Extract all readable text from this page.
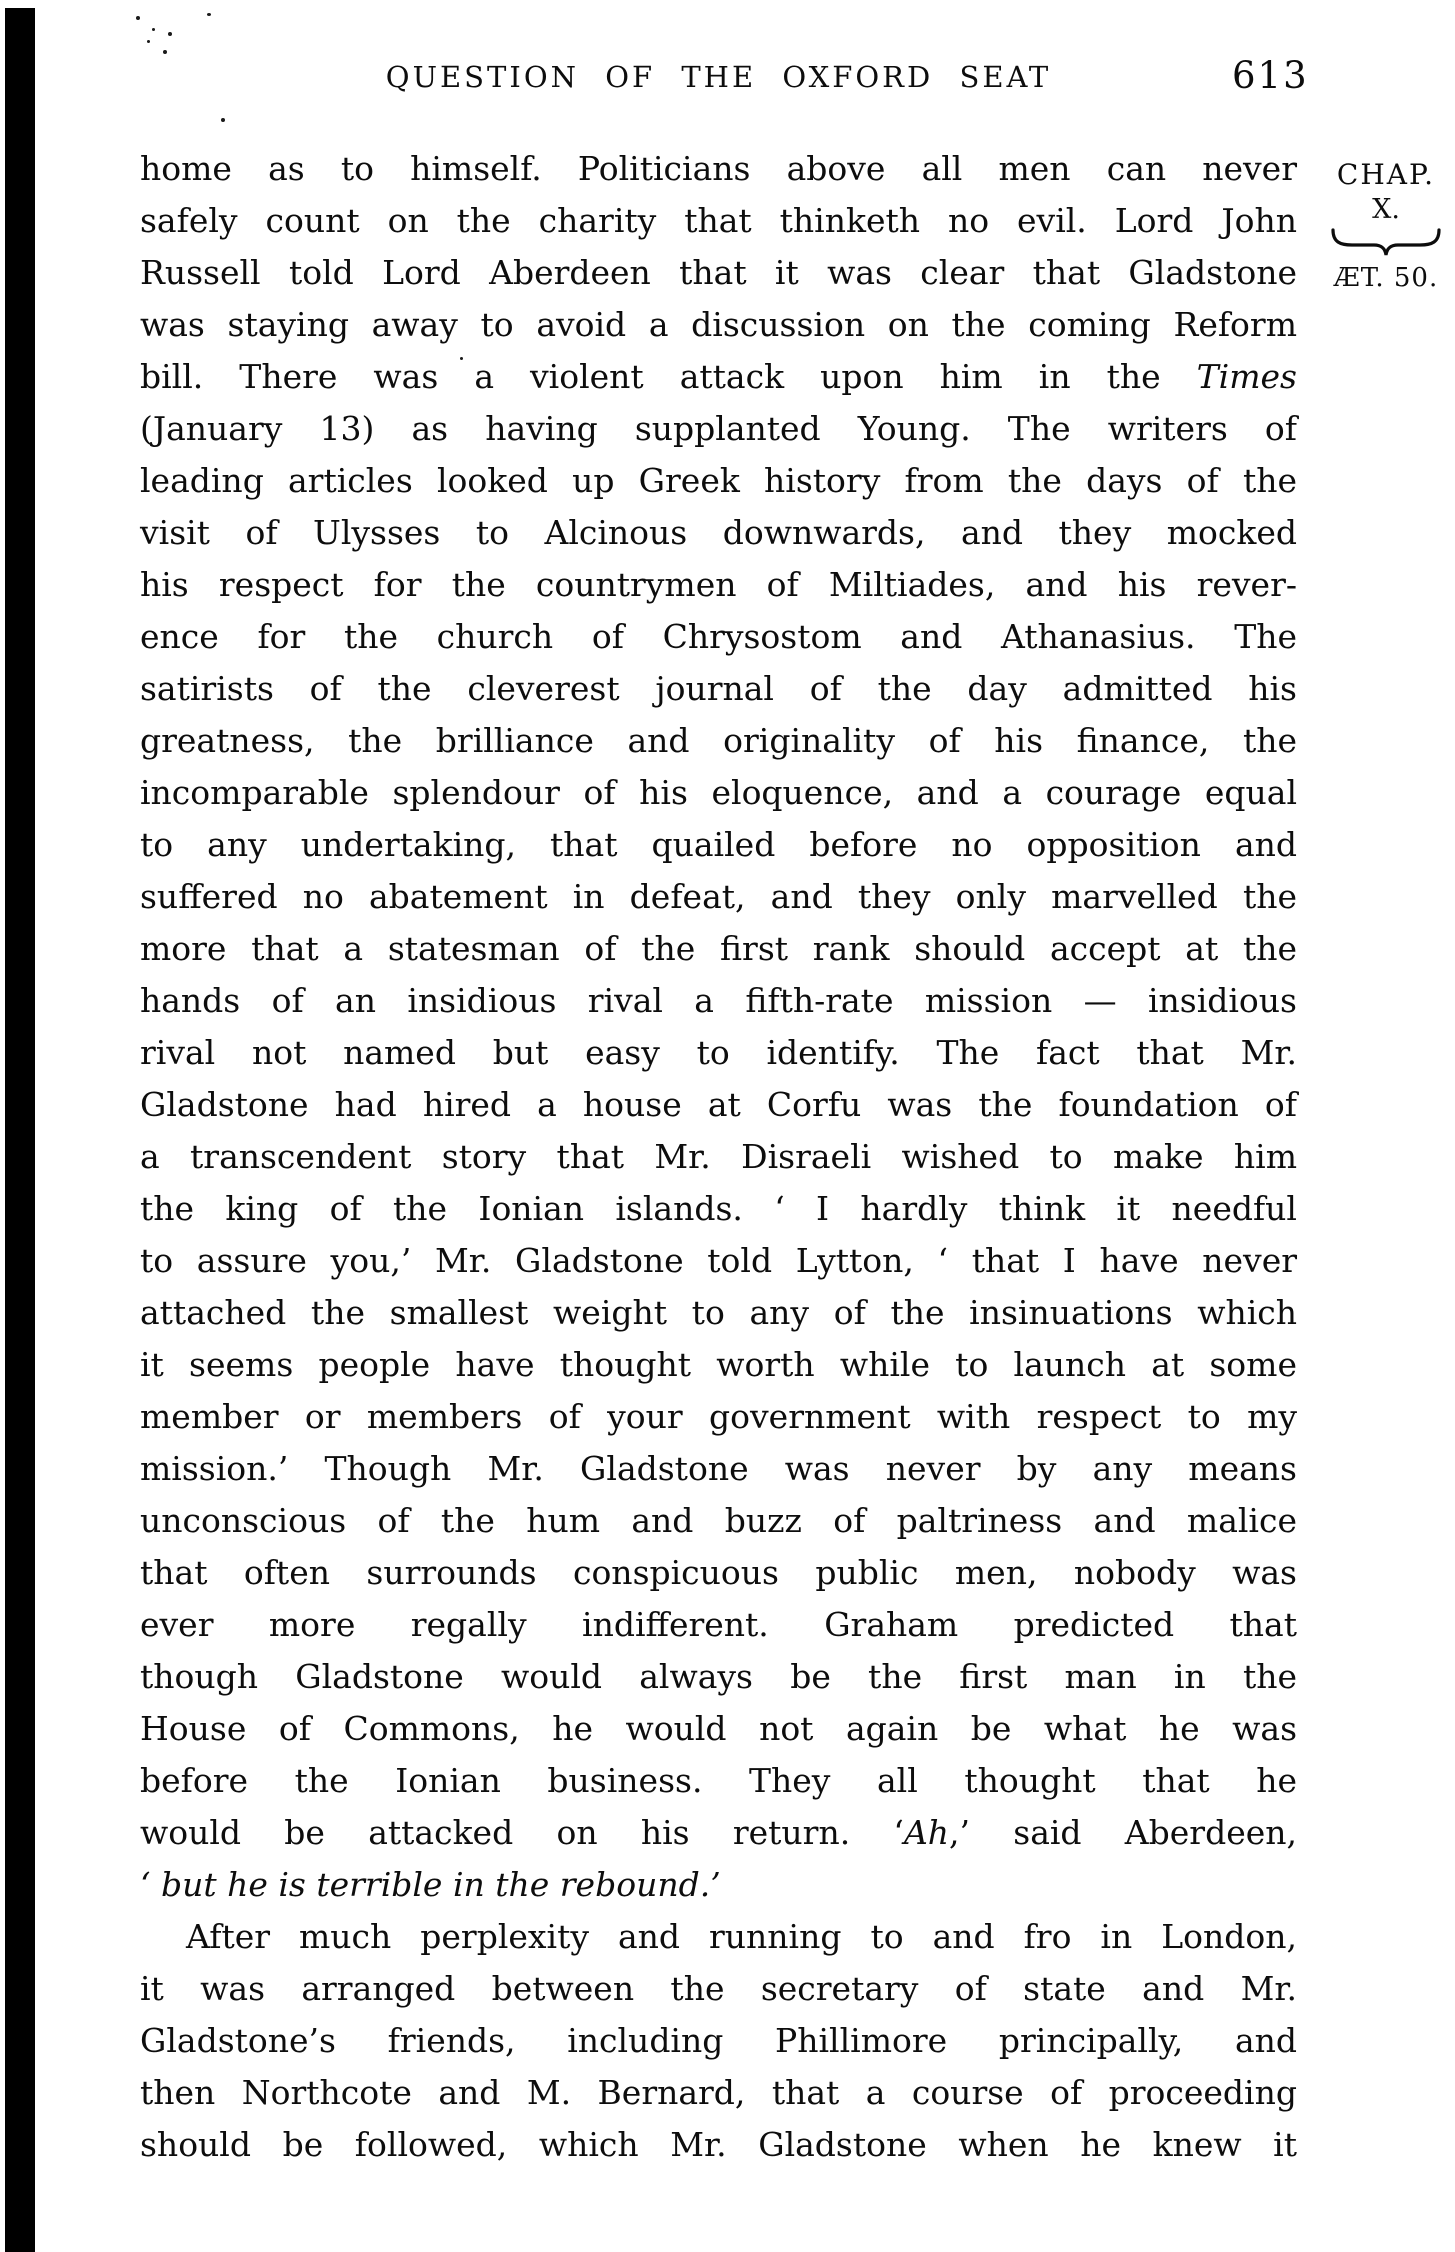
QUESTION OF THE OXFORD SEAT	613
CHAP.
X.
ÆT. 50.
home as to himself. Politicians above all men can never
safely count on the charity that thinketh no evil. Lord John
Russell told Lord Aberdeen that it was clear that Gladstone
was staying away to avoid a discussion on the coming Reform
bill. There was a violent attack upon him in the Times
(January 13) as having supplanted Young. The writers of
leading articles looked up Greek history from the days of the
visit of Ulysses to Alcinous downwards, and they mocked
his respect for the countrymen of Miltiades, and his rever-
ence for the church of Chrysostom and Athanasius. The
satirists of the cleverest journal of the day admitted his
greatness, the brilliance and originality of his finance, the
incomparable splendour of his eloquence, and a courage equal
to any undertaking, that quailed before no opposition and
suffered no abatement in defeat, and they only marvelled the
more that a statesman of the first rank should accept at the
hands of an insidious rival a fifth-rate mission — insidious
rival not named but easy to identify. The fact that Mr.
Gladstone had hired a house at Corfu was the foundation of
a transcendent story that Mr. Disraeli wished to make him
the king of the Ionian islands. ‘ I hardly think it needful
to assure you,’ Mr. Gladstone told Lytton, ‘ that I have never
attached the smallest weight to any of the insinuations which
it seems people have thought worth while to launch at some
member or members of your government with respect to my
mission.’ Though Mr. Gladstone was never by any means
unconscious of the hum and buzz of paltriness and malice
that often surrounds conspicuous public men, nobody was
ever more regally indifferent. Graham predicted that
though Gladstone would always be the first man in the
House of Commons, he would not again be what he was
before the Ionian business. They all thought that he
would be attacked on his return. ‘Ah,’ said Aberdeen,
‘ but he is terrible in the rebound.’
After much perplexity and running to and fro in London,
it was arranged between the secretary of state and Mr.
Gladstone’s friends, including Phillimore principally, and
then Northcote and M. Bernard, that a course of proceeding
should be followed, which Mr. Gladstone when he knew it
